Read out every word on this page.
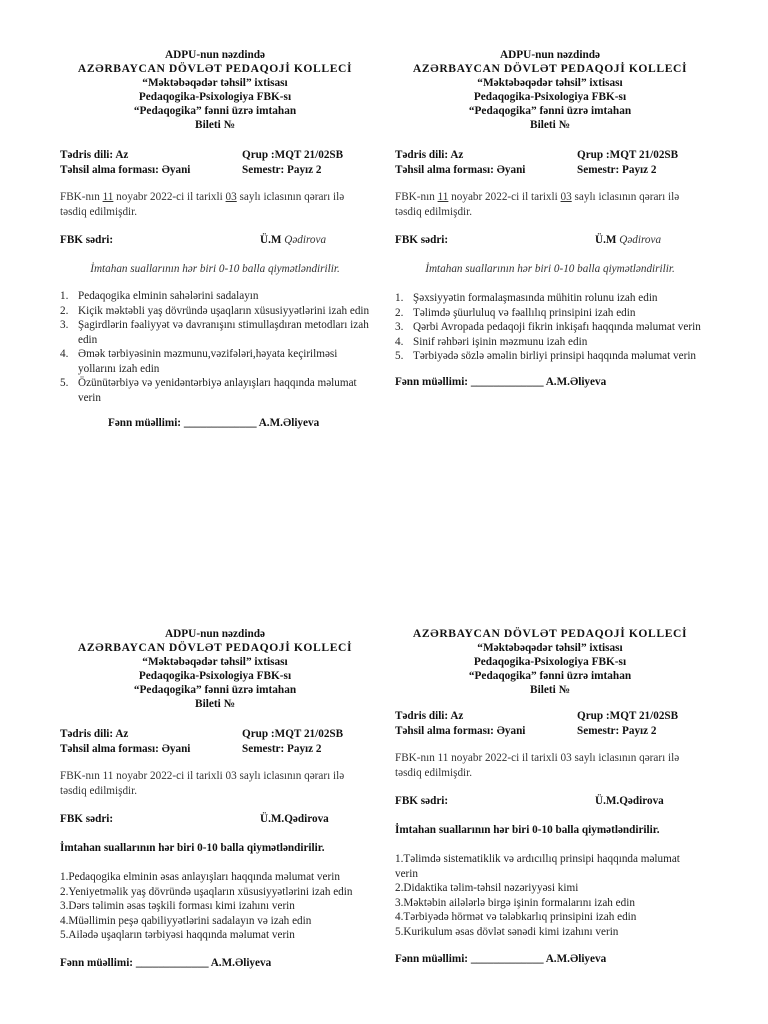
ADPU-nun nəzdində
AZƏRBAYCAN DÖVLƏT PEDAQOJİ KOLLECİ
“Məktəbəqədər təhsil” ixtisası
Pedaqogika-Psixologiya FBK-sı
“Pedaqogika” fənni üzrə imtahan
Bileti №
Tədris dili: Az	Qrup :MQT 21/02SB
Təhsil alma forması: Əyani	Semestr: Payız 2
FBK-nın 11 noyabr 2022-ci il tarixli 03 saylı iclasının qərarı ilə təsdiq edilmişdir.
FBK sədri:	Ü.M Qədirova
İmtahan suallarının hər biri 0-10 balla qiymətləndirilir.
1. Pedaqogika elminin sahələrini sadalayın
2. Kiçik məktəbli yaş dövründə uşaqların xüsusiyyətlərini izah edin
3. Şagirdlərin fəaliyyət və davranışını stimullaşdıran metodları izah edin
4. Əmək tərbiyəsinin məzmunu,vəzifələri,həyata keçirilməsi yollarını izah edin
5. Özünütərbiyə və yenidəntərbiyə anlayışları haqqında məlumat verin
Fənn müəllimi: _____________ A.M.Əliyeva
ADPU-nun nəzdində
AZƏRBAYCAN DÖVLƏT PEDAQOJİ KOLLECİ
“Məktəbəqədər təhsil” ixtisası
Pedaqogika-Psixologiya FBK-sı
“Pedaqogika” fənni üzrə imtahan
Bileti №
Tədris dili: Az	Qrup :MQT 21/02SB
Təhsil alma forması: Əyani	Semestr: Payız 2
FBK-nın 11 noyabr 2022-ci il tarixli 03 saylı iclasının qərarı ilə təsdiq edilmişdir.
FBK sədri:	Ü.M Qədirova
İmtahan suallarının hər biri 0-10 balla qiymətləndirilir.
1. Şəxsiyyətin formalaşmasında mühitin rolunu izah edin
2. Təlimdə şüurluluq və fəallılıq prinsipini izah edin
3. Qərbi Avropada pedaqoji fikrin inkişafı haqqında məlumat verin
4. Sinif rəhbəri işinin məzmunu izah edin
5. Tərbiyədə sözlə əməlin birliyi prinsipi haqqında məlumat verin
Fənn müəllimi: _____________ A.M.Əliyeva
ADPU-nun nəzdində
AZƏRBAYCAN DÖVLƏT PEDAQOJİ KOLLECİ
“Məktəbəqədər təhsil” ixtisası
Pedaqogika-Psixologiya FBK-sı
“Pedaqogika” fənni üzrə imtahan
Bileti №
Tədris dili: Az	Qrup :MQT 21/02SB
Təhsil alma forması: Əyani	Semestr: Payız 2
FBK-nın 11 noyabr 2022-ci il tarixli 03 saylı iclasının qərarı ilə təsdiq edilmişdir.
FBK sədri:	Ü.M.Qədirova
İmtahan suallarının hər biri 0-10 balla qiymətləndirilir.
1.Pedaqogika elminin əsas anlayışları haqqında məlumat verin
2.Yeniyetməlik yaş dövründə uşaqların xüsusiyyətlərini izah edin
3.Dərs təlimin əsas təşkili forması kimi izahını verin
4.Müəllimin peşə qabiliyyətlərini sadalayın və izah edin
5.Ailədə uşaqların tərbiyəsi haqqında məlumat verin
Fənn müəllimi: _____________ A.M.Əliyeva
AZƏRBAYCAN DÖVLƏT PEDAQOJİ KOLLECİ
“Məktəbəqədər təhsil” ixtisası
Pedaqogika-Psixologiya FBK-sı
“Pedaqogika” fənni üzrə imtahan
Bileti №
Tədris dili: Az	Qrup :MQT 21/02SB
Təhsil alma forması: Əyani	Semestr: Payız 2
FBK-nın 11 noyabr 2022-ci il tarixli 03 saylı iclasının qərarı ilə təsdiq edilmişdir.
FBK sədri:	Ü.M.Qədirova
İmtahan suallarının hər biri 0-10 balla qiymətləndirilir.
1.Təlimdə sistematiklik və ardıcıllıq prinsipi haqqında məlumat verin
2.Didaktika təlim-təhsil nəzəriyyəsi kimi
3.Məktəbin ailələrlə birgə işinin formalarını izah edin
4.Tərbiyədə hörmət və tələbkarlıq prinsipini izah edin
5.Kurikulum əsas dövlət sənədi kimi izahını verin
Fənn müəllimi: _____________ A.M.Əliyeva
